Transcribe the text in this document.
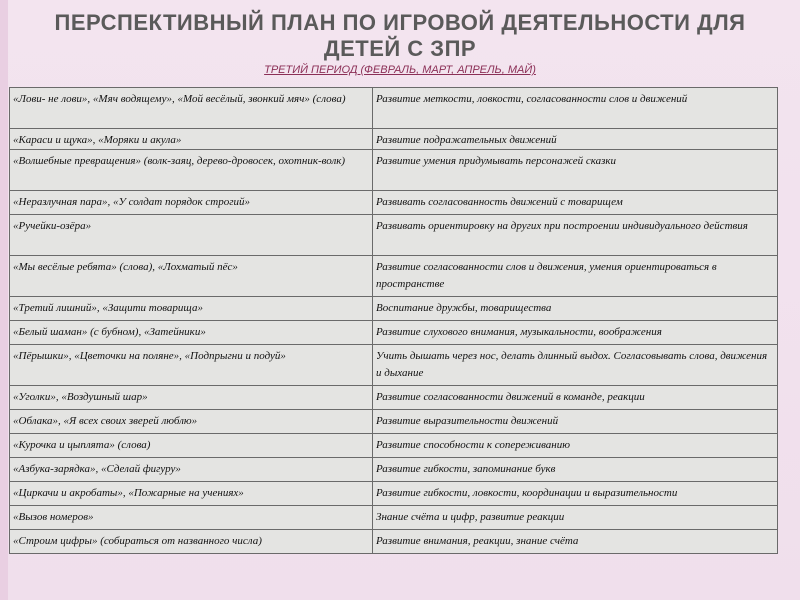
ПЕРСПЕКТИВНЫЙ ПЛАН ПО ИГРОВОЙ ДЕЯТЕЛЬНОСТИ ДЛЯ
ДЕТЕЙ С ЗПР
ТРЕТИЙ ПЕРИОД (ФЕВРАЛЬ, МАРТ, АПРЕЛЬ, МАЙ)
«Лови- не лови», «Мяч водящему», «Мой весёлый, звонкий мяч» (слова)	Развитие меткости, ловкости, согласованности слов и движений
«Караси и щука», «Моряки и акула»	Развитие подражательных движений
«Волшебные превращения» (волк-заяц, дерево-дровосек, охотник-волк)	Развитие умения придумывать персонажей сказки
«Неразлучная пара», «У солдат порядок строгий»	Развивать согласованность движений с товарищем
«Ручейки-озёра»	Развивать ориентировку на других при построении индивидуального действия
«Мы весёлые ребята» (слова), «Лохматый пёс»	Развитие согласованности слов и движения, умения ориентироваться в пространстве
«Третий лишний», «Защити товарища»	Воспитание дружбы, товарищества
«Белый шаман» (с бубном), «Затейники»	Развитие слухового внимания, музыкальности, воображения
«Пёрышки», «Цветочки на поляне», «Подпрыгни и подуй»	Учить дышать через нос, делать длинный выдох. Согласовывать слова, движения и дыхание
«Уголки», «Воздушный шар»	Развитие согласованности движений в команде, реакции
«Облака», «Я всех своих зверей люблю»	Развитие выразительности движений
«Курочка и цыплята» (слова)	Развитие способности к сопереживанию
«Азбука-зарядка», «Сделай фигуру»	Развитие гибкости, запоминание букв
«Циркачи и акробаты», «Пожарные на учениях»	Развитие гибкости, ловкости, координации и выразительности
«Вызов номеров»	Знание счёта и цифр, развитие реакции
«Строим цифры» (собираться от названного числа)	Развитие внимания, реакции, знание счёта
